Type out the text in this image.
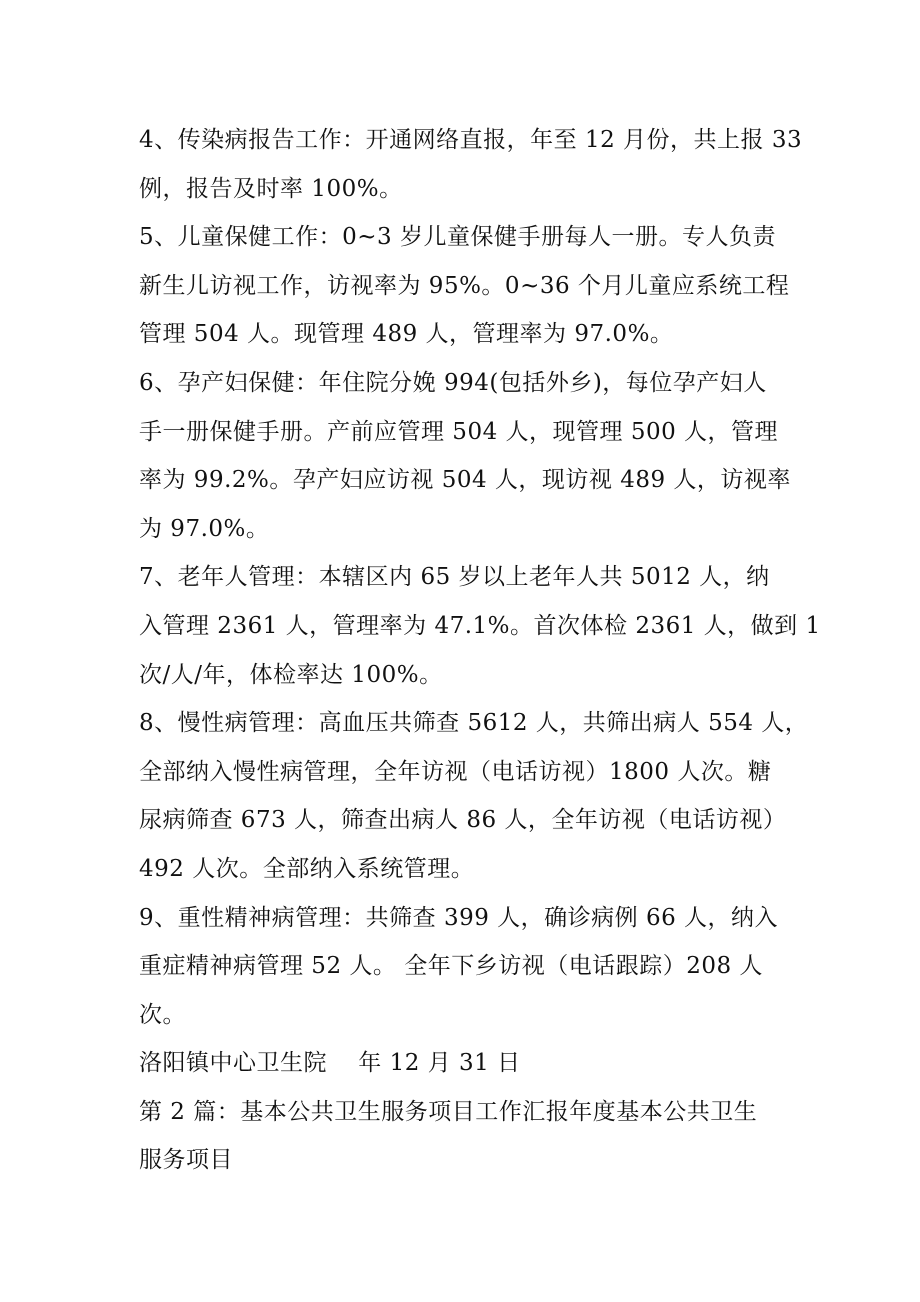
4、传染病报告工作：开通网络直报，年至 12 月份，共上报 33
例，报告及时率 100%。
5、儿童保健工作：0~3 岁儿童保健手册每人一册。专人负责
新生儿访视工作，访视率为 95%。0~36 个月儿童应系统工程
管理 504 人。现管理 489 人，管理率为 97.0%。
6、孕产妇保健：年住院分娩 994(包括外乡)，每位孕产妇人
手一册保健手册。产前应管理 504 人，现管理 500 人，管理
率为 99.2%。孕产妇应访视 504 人，现访视 489 人，访视率
为 97.0%。
7、老年人管理：本辖区内 65 岁以上老年人共 5012 人，纳
入管理 2361 人，管理率为 47.1%。首次体检 2361 人，做到 1
次/人/年，体检率达 100%。
8、慢性病管理：高血压共筛查 5612 人，共筛出病人 554 人，
全部纳入慢性病管理，全年访视（电话访视）1800 人次。糖
尿病筛查 673 人，筛查出病人 86 人，全年访视（电话访视）
492 人次。全部纳入系统管理。
9、重性精神病管理：共筛查 399 人，确诊病例 66 人，纳入
重症精神病管理 52 人。 全年下乡访视（电话跟踪）208 人
次。
洛阳镇中心卫生院　 年 12 月 31 日
第 2 篇：基本公共卫生服务项目工作汇报年度基本公共卫生
服务项目
